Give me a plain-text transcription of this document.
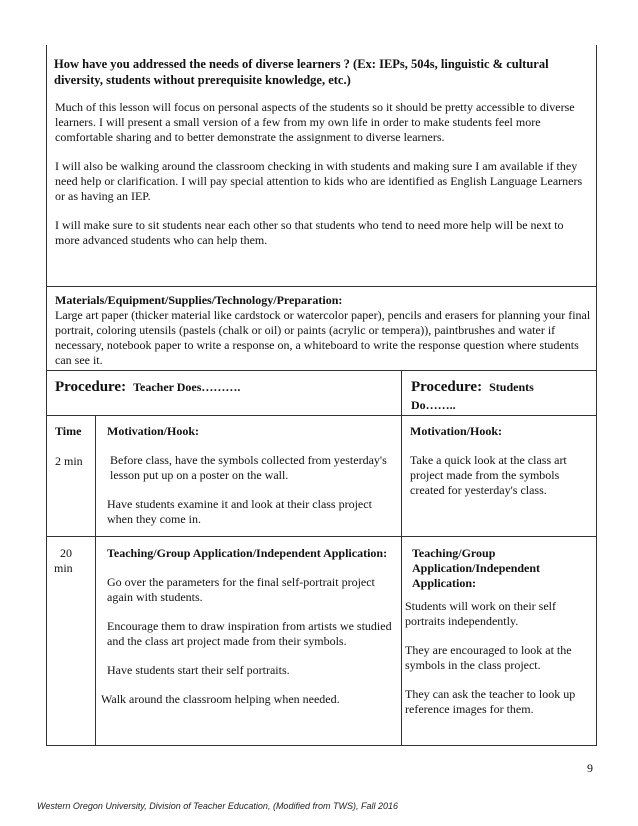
How have you addressed the needs of diverse learners ? (Ex: IEPs, 504s, linguistic & cultural diversity, students without prerequisite knowledge, etc.)

Much of this lesson will focus on personal aspects of the students so it should be pretty accessible to diverse learners. I will present a small version of a few from my own life in order to make students feel more comfortable sharing and to better demonstrate the assignment to diverse learners.

I will also be walking around the classroom checking in with students and making sure I am available if they need help or clarification. I will pay special attention to kids who are identified as English Language Learners or as having an IEP.

I will make sure to sit students near each other so that students who tend to need more help will be next to more advanced students who can help them.

Materials/Equipment/Supplies/Technology/Preparation:
Large art paper (thicker material like cardstock or watercolor paper), pencils and erasers for planning your final portrait, coloring utensils (pastels (chalk or oil) or paints (acrylic or tempera)), paintbrushes and water if necessary, notebook paper to write a response on, a whiteboard to write the response question where students can see it.
Procedure: Teacher Does……….	Procedure: Students
Do……..
Time
2 min
Motivation/Hook:

Before class, have the symbols collected from yesterday's lesson put up on a poster on the wall.

Have students examine it and look at their class project when they come in.

Motivation/Hook:

Take a quick look at the class art project made from the symbols created for yesterday's class.

20
min
Teaching/Group Application/Independent Application:

Go over the parameters for the final self-portrait project again with students.

Encourage them to draw inspiration from artists we studied and the class art project made from their symbols.

Have students start their self portraits.

Walk around the classroom helping when needed.

Teaching/Group Application/Independent Application:

Students will work on their self portraits independently.

They are encouraged to look at the symbols in the class project.

They can ask the teacher to look up reference images for them.

9
Western Oregon University, Division of Teacher Education, (Modified from TWS), Fall 2016
